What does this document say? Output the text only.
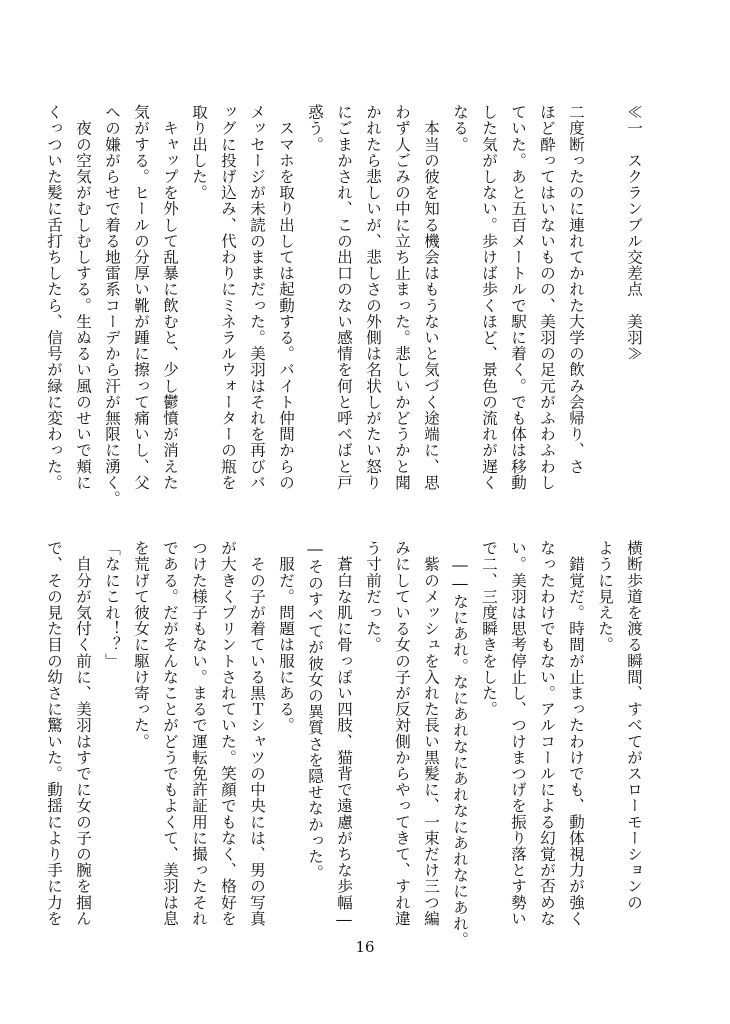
≪一　スクランブル交差点　美羽≫

二度断ったのに連れてかれた大学の飲み会帰り、さ
ほど酔ってはいないものの、美羽の足元がふわふわし
ていた。あと五百メートルで駅に着く。でも体は移動
した気がしない。歩けば歩くほど、景色の流れが遅く
なる。
　本当の彼を知る機会はもうないと気づく途端に、思
わず人ごみの中に立ち止まった。悲しいかどうかと聞
かれたら悲しいが、悲しさの外側は名状しがたい怒り
にごまかされ、この出口のない感情を何と呼べばと戸
惑う。
　スマホを取り出しては起動する。バイト仲間からの
メッセージが未読のままだった。美羽はそれを再びバ
ッグに投げ込み、代わりにミネラルウォーターの瓶を
取り出した。
　キャップを外して乱暴に飲むと、少し鬱憤が消えた
気がする。ヒールの分厚い靴が踵に擦って痛いし、父
への嫌がらせで着る地雷系コーデから汗が無限に湧く。
　夜の空気がむしむしする。生ぬるい風のせいで頬に
くっついた髪に舌打ちしたら、信号が緑に変わった。
横断歩道を渡る瞬間、すべてがスローモーションの
ように見えた。
　錯覚だ。時間が止まったわけでも、動体視力が強く
なったわけでもない。アルコールによる幻覚が否めな
い。美羽は思考停止し、つけまつげを振り落とす勢い
で二、三度瞬きをした。
　――なにあれ。なにあれなにあれなにあれなにあれ。
　紫のメッシュを入れた長い黒髪に、一束だけ三つ編
みにしている女の子が反対側からやってきて、すれ違
う寸前だった。
　蒼白な肌に骨っぽい四肢、猫背で遠慮がちな歩幅―
―そのすべてが彼女の異質さを隠せなかった。
　服だ。問題は服にある。
　その子が着ている黒Ｔシャツの中央には、男の写真
が大きくプリントされていた。笑顔でもなく、格好を
つけた様子もない。まるで運転免許証用に撮ったそれ
である。だがそんなことがどうでもよくて、美羽は息
を荒げて彼女に駆け寄った。
「なにこれ！？」
　自分が気付く前に、美羽はすでに女の子の腕を掴ん
で、その見た目の幼さに驚いた。動揺により手に力を
16
